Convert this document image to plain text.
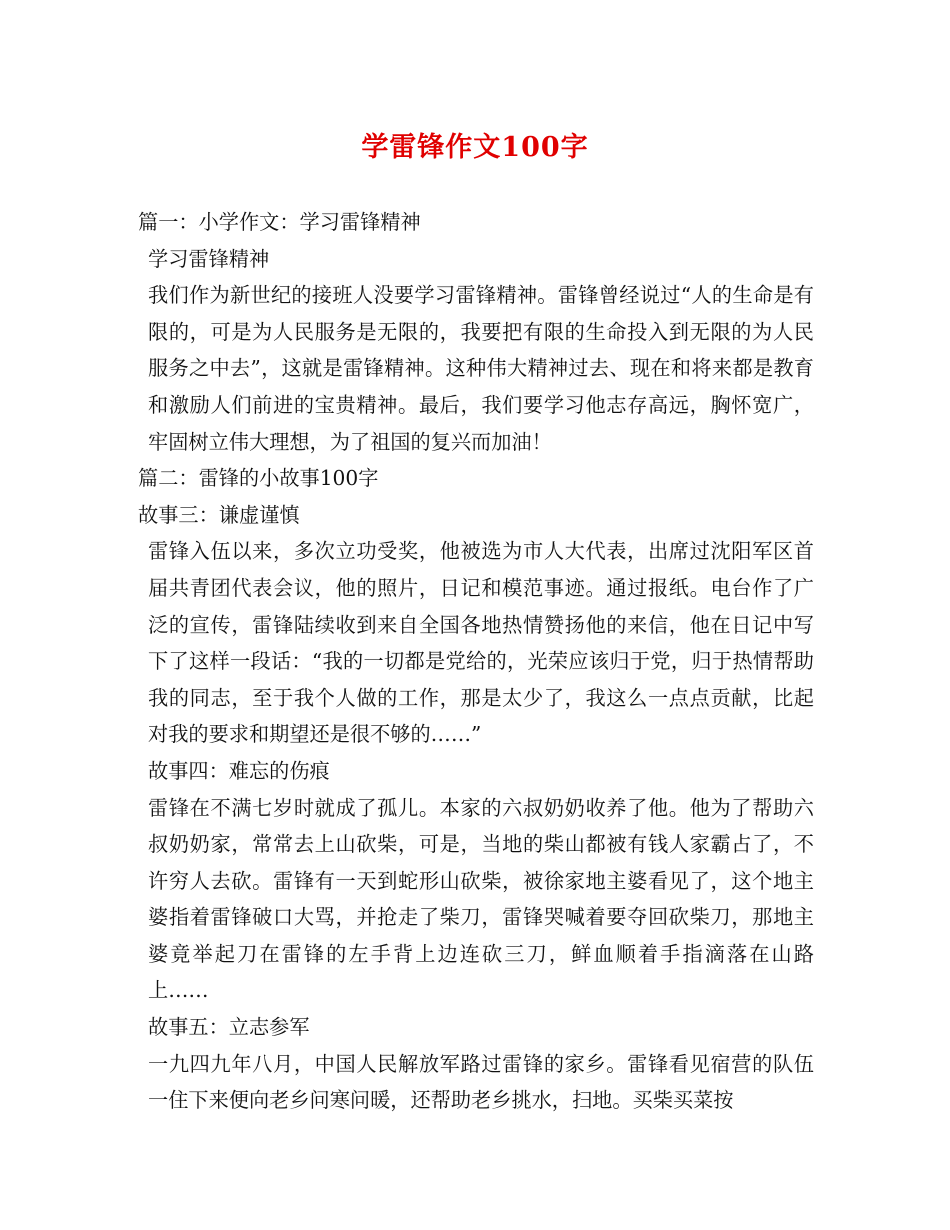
学雷锋作文100字

篇一：小学作文：学习雷锋精神

学习雷锋精神

我们作为新世纪的接班人没要学习雷锋精神。雷锋曾经说过“人的生命是有限的，可是为人民服务是无限的，我要把有限的生命投入到无限的为人民服务之中去”，这就是雷锋精神。这种伟大精神过去、现在和将来都是教育和激励人们前进的宝贵精神。最后，我们要学习他志存高远，胸怀宽广，牢固树立伟大理想，为了祖国的复兴而加油！

篇二：雷锋的小故事100字

故事三：谦虚谨慎

雷锋入伍以来，多次立功受奖，他被选为市人大代表，出席过沈阳军区首届共青团代表会议，他的照片，日记和模范事迹。通过报纸。电台作了广泛的宣传，雷锋陆续收到来自全国各地热情赞扬他的来信，他在日记中写下了这样一段话：“我的一切都是党给的，光荣应该归于党，归于热情帮助我的同志，至于我个人做的工作，那是太少了，我这么一点点贡献，比起对我的要求和期望还是很不够的……”

故事四：难忘的伤痕

雷锋在不满七岁时就成了孤儿。本家的六叔奶奶收养了他。他为了帮助六叔奶奶家，常常去上山砍柴，可是，当地的柴山都被有钱人家霸占了，不许穷人去砍。雷锋有一天到蛇形山砍柴，被徐家地主婆看见了，这个地主婆指着雷锋破口大骂，并抢走了柴刀，雷锋哭喊着要夺回砍柴刀，那地主婆竟举起刀在雷锋的左手背上边连砍三刀，鲜血顺着手指滴落在山路上……

故事五：立志参军

一九四九年八月，中国人民解放军路过雷锋的家乡。雷锋看见宿营的队伍一住下来便向老乡问寒问暖，还帮助老乡挑水，扫地。买柴买菜按
